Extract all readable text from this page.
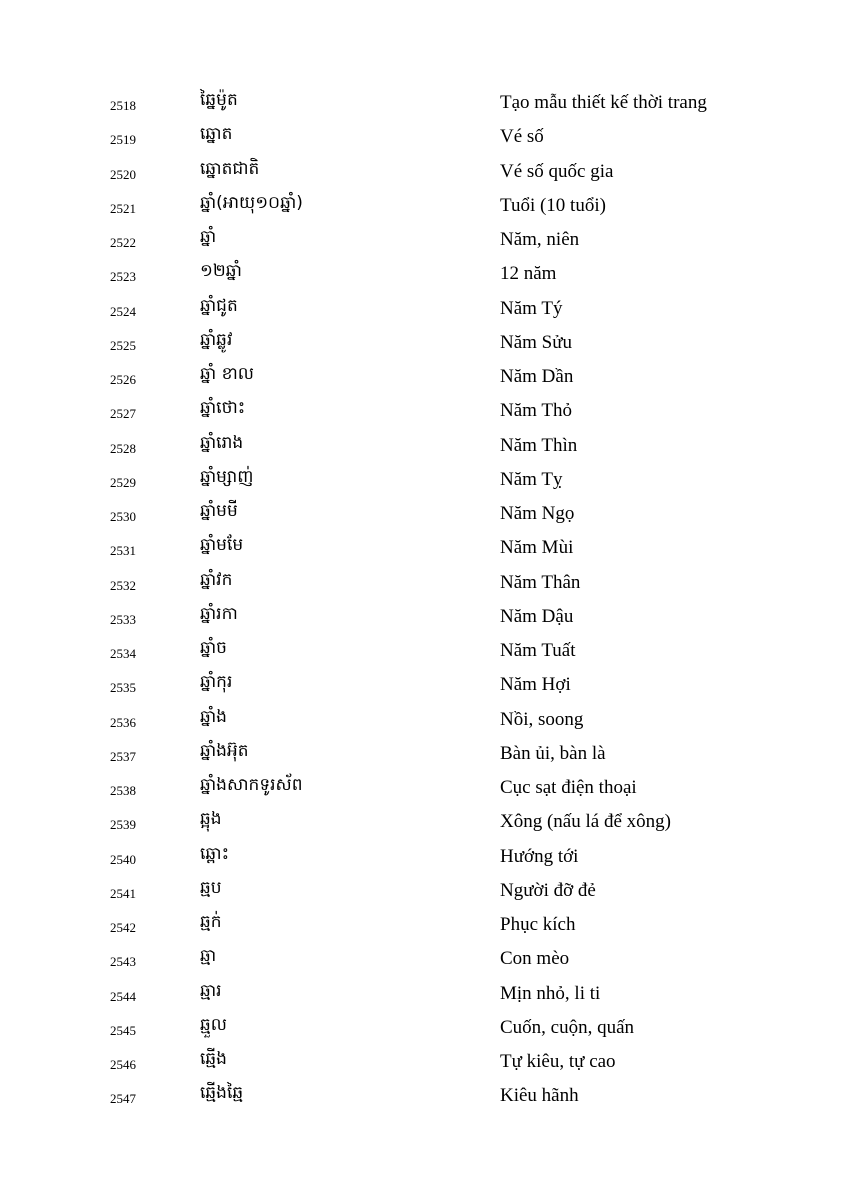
2518	ឆ្នៃម៉ូត	Tạo mẫu thiết kế thời trang
2519	ឆ្នោត	Vé số
2520	ឆ្នោតជាតិ	Vé số quốc gia
2521	ឆ្នាំ(អាយុ១០ឆ្នាំ)	Tuổi (10 tuổi)
2522	ឆ្នាំ	Năm, niên
2523	១២ឆ្នាំ	12 năm
2524	ឆ្នាំជូត	Năm Tý
2525	ឆ្នាំឆ្លូវ	Năm Sửu
2526	ឆ្នាំ ខាល	Năm Dần
2527	ឆ្នាំថោះ	Năm Thỏ
2528	ឆ្នាំរោង	Năm Thìn
2529	ឆ្នាំម្សាញ់	Năm Tỵ
2530	ឆ្នាំមមី	Năm Ngọ
2531	ឆ្នាំមមែ	Năm Mùi
2532	ឆ្នាំវក	Năm Thân
2533	ឆ្នាំរកា	Năm Dậu
2534	ឆ្នាំច	Năm Tuất
2535	ឆ្នាំកុរ	Năm Hợi
2536	ឆ្នាំង	Nồi, soong
2537	ឆ្នាំងអ៊ុត	Bàn ủi, bàn là
2538	ឆ្នាំងសាកទូរស័ព	Cục sạt điện thoại
2539	ឆ្អុង	Xông (nấu lá để xông)
2540	ឆ្ពោះ	Hướng tới
2541	ឆ្មប	Người đỡ đẻ
2542	ឆ្មក់	Phục kích
2543	ឆ្មា	Con mèo
2544	ឆ្មារ	Mịn nhỏ, li ti
2545	ឆ្មួល	Cuốn, cuộn, quấn
2546	ឆ្មើង	Tự kiêu, tự cao
2547	ឆ្មើងឆ្មៃ	Kiêu hãnh
